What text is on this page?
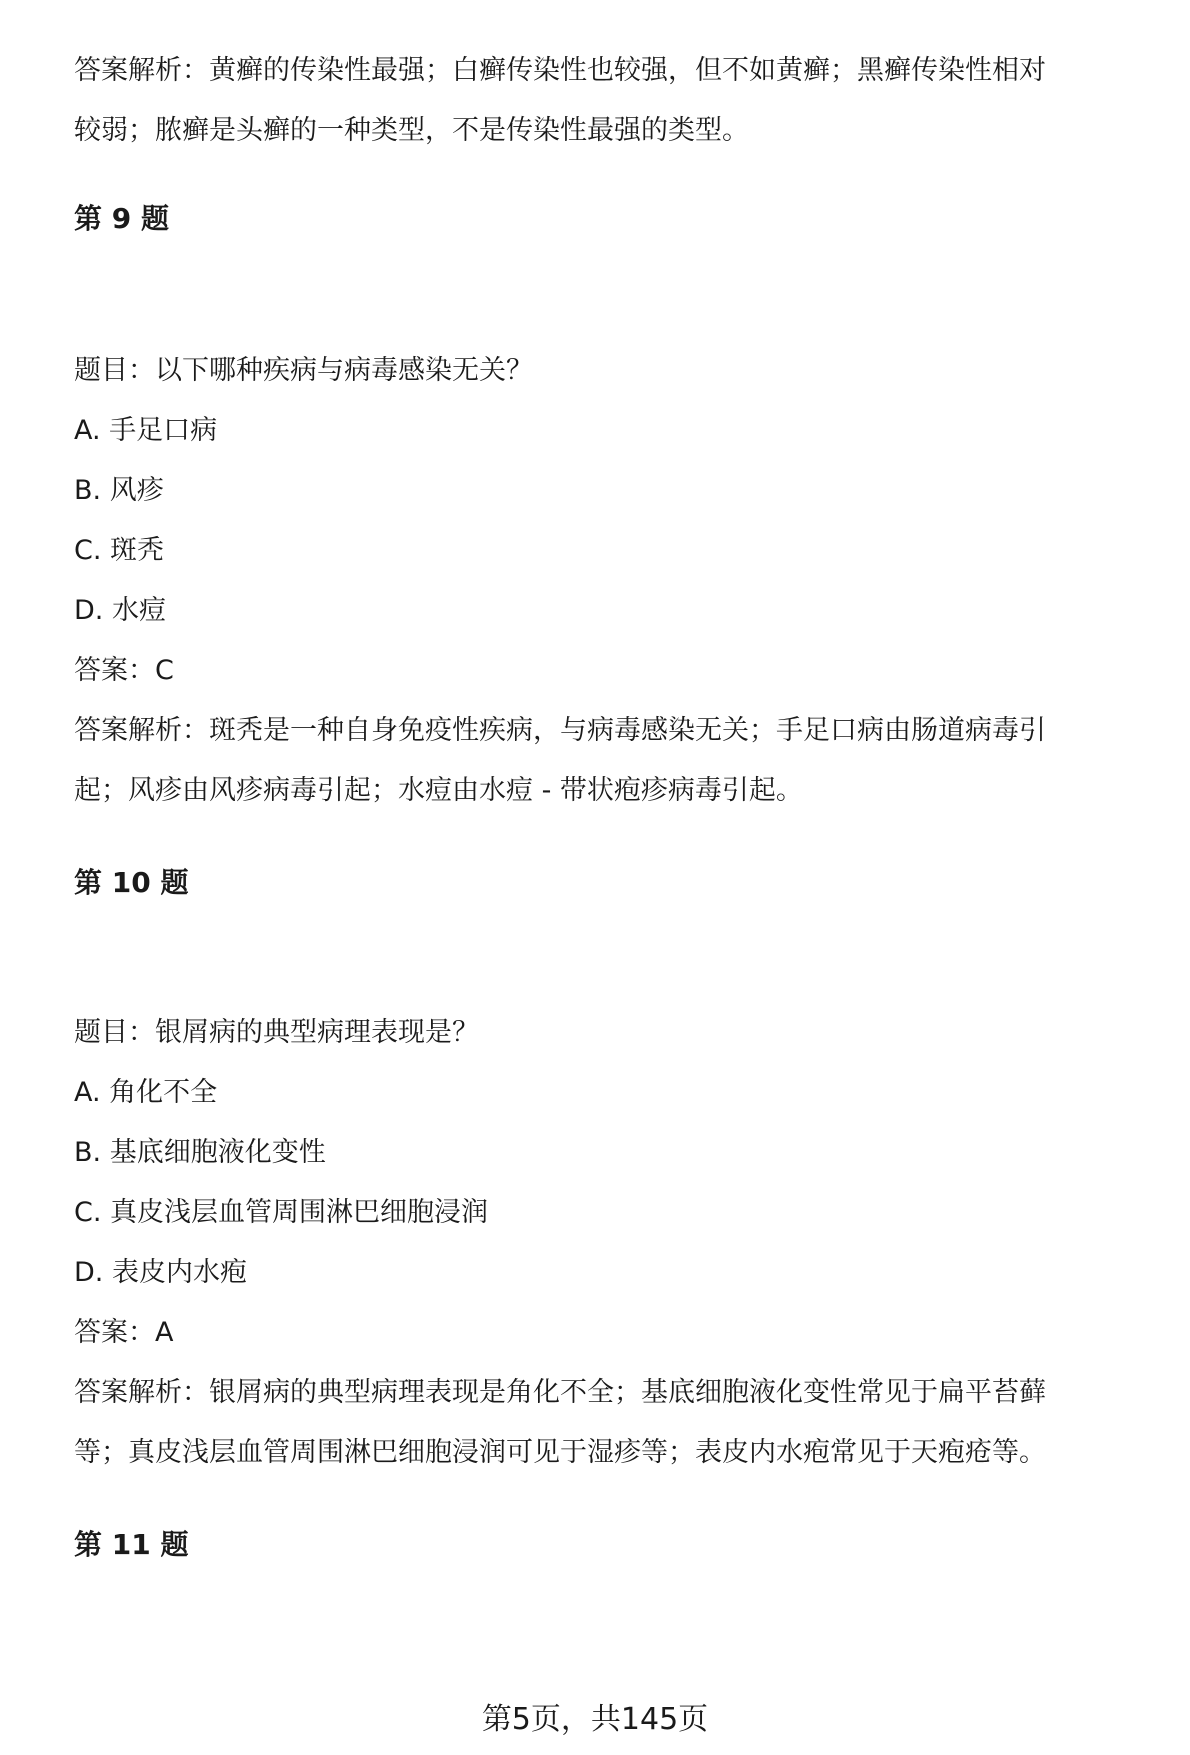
答案解析：黄癣的传染性最强；白癣传染性也较强，但不如黄癣；黑癣传染性相对
较弱；脓癣是头癣的一种类型，不是传染性最强的类型。
第 9 题
题目：以下哪种疾病与病毒感染无关？
A. 手足口病
B. 风疹
C. 斑秃
D. 水痘
答案：C
答案解析：斑秃是一种自身免疫性疾病，与病毒感染无关；手足口病由肠道病毒引
起；风疹由风疹病毒引起；水痘由水痘 - 带状疱疹病毒引起。
第 10 题
题目：银屑病的典型病理表现是？
A. 角化不全
B. 基底细胞液化变性
C. 真皮浅层血管周围淋巴细胞浸润
D. 表皮内水疱
答案：A
答案解析：银屑病的典型病理表现是角化不全；基底细胞液化变性常见于扁平苔藓
等；真皮浅层血管周围淋巴细胞浸润可见于湿疹等；表皮内水疱常见于天疱疮等。
第 11 题
第5页，共145页
